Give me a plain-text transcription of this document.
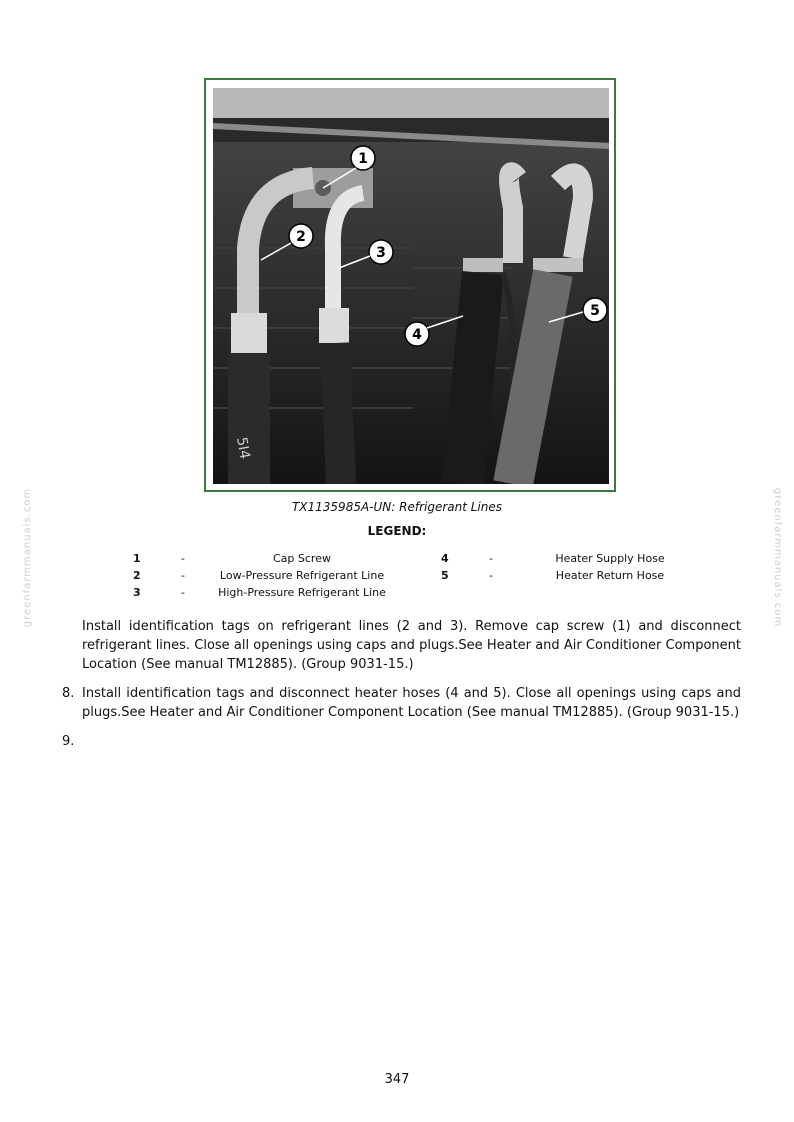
5I4
1
2
3
4
5
TX1135985A-UN: Refrigerant Lines
LEGEND:
1	-	Cap Screw
2	-	Low-Pressure Refrigerant Line
3	-	High-Pressure Refrigerant Line
4	-	Heater Supply Hose
5	-	Heater Return Hose
Install identification tags on refrigerant lines (2 and 3). Remove cap screw (1) and disconnect refrigerant lines. Close all openings using caps and plugs.See Heater and Air Conditioner Component Location (See manual TM12885). (Group 9031-15.)
8. Install identification tags and disconnect heater hoses (4 and 5). Close all openings using caps and plugs.See Heater and Air Conditioner Component Location (See manual TM12885). (Group 9031-15.)
9.
greenfarmmanuals.com	greenfarmmanuals.com
347
